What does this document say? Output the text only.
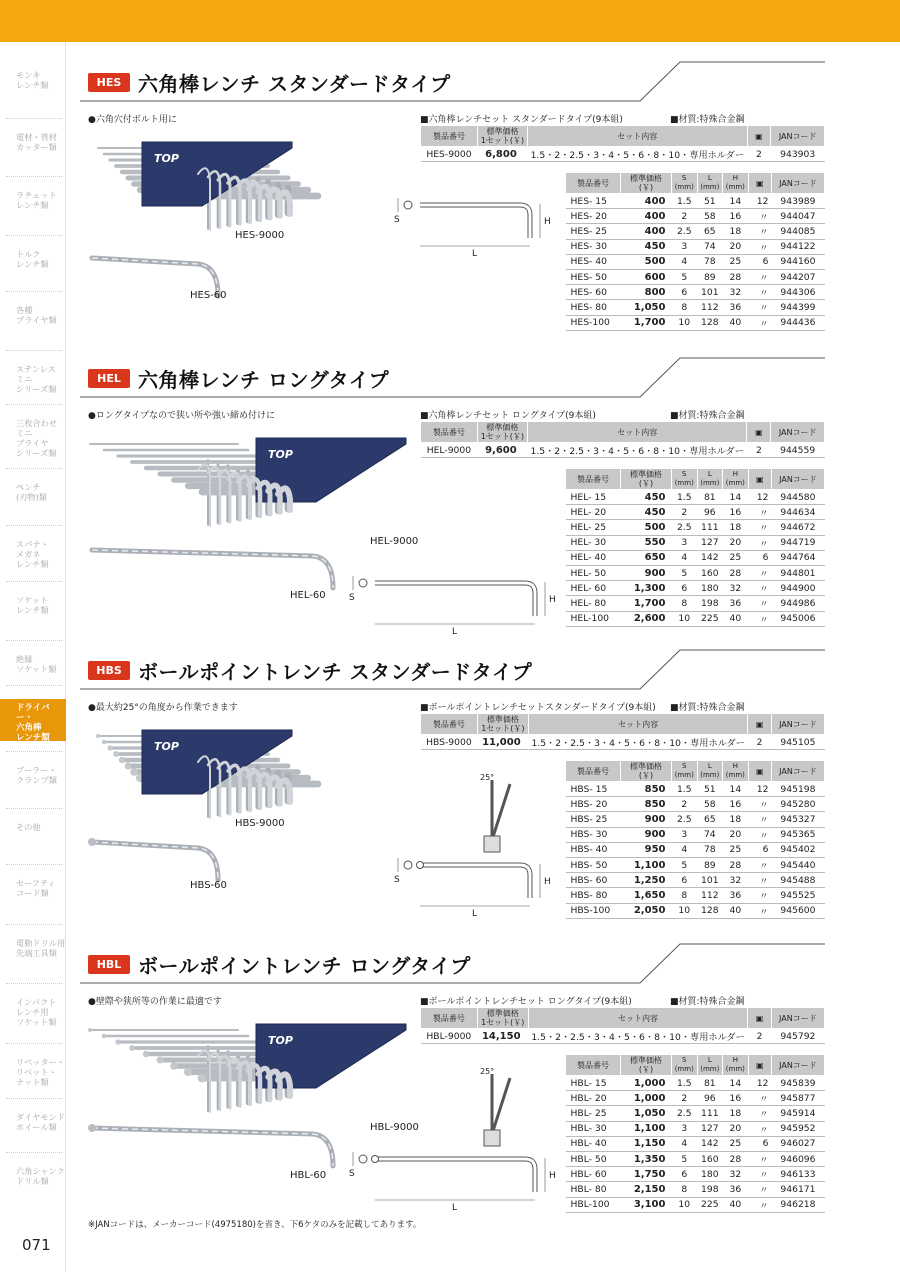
モンキ
レンチ類
電材・管材
カッター類
ラチェット
レンチ類
トルク
レンチ類
各種
プライヤ類
ステンレス
ミニ
シリーズ類
三枚合わせ
ミニ
プライヤ
シリーズ類
ペンチ
(刃物)類
スパナ・
メガネ
レンチ類
ソケット
レンチ類
絶縁
ソケット類
ドライバー・
六角棒
レンチ類
プーラー・
クランプ類
その他
セーフティ
コード類
電動ドリル用
先端工具類
インパクト
レンチ用
ソケット類
リベッター・
リベット・
ナット類
ダイヤモンド
ホイール類
六角シャンク
ドリル類
HES 六角棒レンチ スタンダードタイプ
●六角穴付ボルト用に	■六角棒レンチセット スタンダードタイプ(9本組)	■材質:特殊合金鋼
製品番号	標準価格
1セット(￥)	セット内容	▣	JANコード
HES-9000	6,800	1.5・2・2.5・3・4・5・6・8・10・専用ホルダー	2	943903
製品番号	標準価格
(￥)	S
(mm)	L
(mm)	H
(mm)	▣	JANコード
HES- 15	400	1.5	51	14	12	943989
HES- 20	400	2	58	16	〃	944047
HES- 25	400	2.5	65	18	〃	944085
HES- 30	450	3	74	20	〃	944122
HES- 40	500	4	78	25	6	944160
HES- 50	600	5	89	28	〃	944207
HES- 60	800	6	101	32	〃	944306
HES- 80	1,050	8	112	36	〃	944399
HES-100	1,700	10	128	40	〃	944436
TOP
HES-9000
HES-60
S
L
H
HEL 六角棒レンチ ロングタイプ
●ロングタイプなので狭い所や強い締め付けに	■六角棒レンチセット ロングタイプ(9本組)	■材質:特殊合金鋼
製品番号	標準価格
1セット(￥)	セット内容	▣	JANコード
HEL-9000	9,600	1.5・2・2.5・3・4・5・6・8・10・専用ホルダー	2	944559
製品番号	標準価格
(￥)	S
(mm)	L
(mm)	H
(mm)	▣	JANコード
HEL- 15	450	1.5	81	14	12	944580
HEL- 20	450	2	96	16	〃	944634
HEL- 25	500	2.5	111	18	〃	944672
HEL- 30	550	3	127	20	〃	944719
HEL- 40	650	4	142	25	6	944764
HEL- 50	900	5	160	28	〃	944801
HEL- 60	1,300	6	180	32	〃	944900
HEL- 80	1,700	8	198	36	〃	944986
HEL-100	2,600	10	225	40	〃	945006
TOP
HEL-9000
HEL-60	S
L
H
HBS ボールポイントレンチ スタンダードタイプ
●最大約25°の角度から作業できます	■ボールポイントレンチセットスタンダードタイプ(9本組) ■材質:特殊合金鋼
製品番号	標準価格
1セット(￥)	セット内容	▣	JANコード
HBS-9000	11,000	1.5・2・2.5・3・4・5・6・8・10・専用ホルダー	2	945105
製品番号	標準価格
(￥)	S
(mm)	L
(mm)	H
(mm)	▣	JANコード
HBS- 15	850	1.5	51	14	12	945198
HBS- 20	850	2	58	16	〃	945280
HBS- 25	900	2.5	65	18	〃	945327
HBS- 30	900	3	74	20	〃	945365
HBS- 40	950	4	78	25	6	945402
HBS- 50	1,100	5	89	28	〃	945440
HBS- 60	1,250	6	101	32	〃	945488
HBS- 80	1,650	8	112	36	〃	945525
HBS-100	2,050	10	128	40	〃	945600
TOP
HBS-9000
HBS-60	S
L
H
25°
HBL ボールポイントレンチ ロングタイプ
●壁際や狭所等の作業に最適です	■ボールポイントレンチセット ロングタイプ(9本組)	■材質:特殊合金鋼
製品番号	標準価格
1セット(￥)	セット内容	▣	JANコード
HBL-9000	14,150	1.5・2・2.5・3・4・5・6・8・10・専用ホルダー	2	945792
製品番号	標準価格
(￥)	S
(mm)	L
(mm)	H
(mm)	▣	JANコード
HBL- 15	1,000	1.5	81	14	12	945839
HBL- 20	1,000	2	96	16	〃	945877
HBL- 25	1,050	2.5	111	18	〃	945914
HBL- 30	1,100	3	127	20	〃	945952
HBL- 40	1,150	4	142	25	6	946027
HBL- 50	1,350	5	160	28	〃	946096
HBL- 60	1,750	6	180	32	〃	946133
HBL- 80	2,150	8	198	36	〃	946171
HBL-100	3,100	10	225	40	〃	946218
TOP
HBL-9000
HBL-60	S
L
H
25°
※JANコードは、メーカーコード(4975180)を省き、下6ケタのみを記載してあります。
071
